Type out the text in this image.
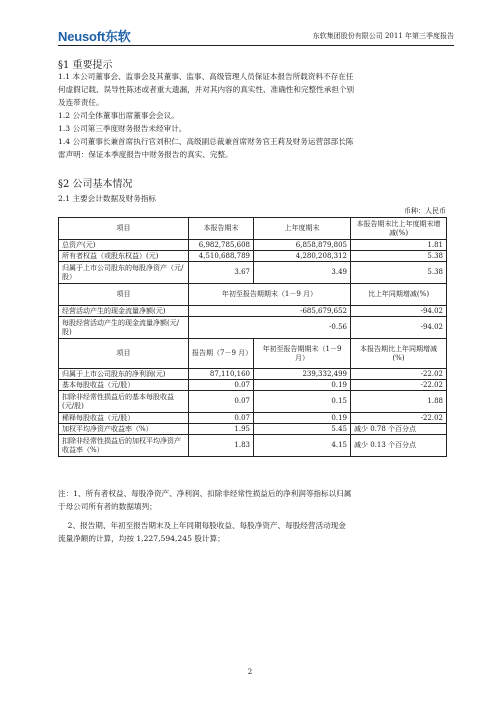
Neusoft东软	东软集团股份有限公司 2011 年第三季度报告
§1 重要提示
1.1 本公司董事会、监事会及其董事、监事、高级管理人员保证本报告所载资料不存在任
何虚假记载、误导性陈述或者重大遗漏，并对其内容的真实性、准确性和完整性承担个别
及连带责任。
1.2 公司全体董事出席董事会会议。
1.3 公司第三季度财务报告未经审计。
1.4 公司董事长兼首席执行官刘积仁、高级副总裁兼首席财务官王莉及财务运营部部长陈
雷声明：保证本季度报告中财务报告的真实、完整。
§2 公司基本情况
2.1 主要会计数据及财务指标
币种：人民币
项目	本报告期末	上年度期末	本报告期末比上年度期末增减(%)
总资产(元)	6,982,785,608	6,858,879,805	1.81
所有者权益（或股东权益）(元)	4,510,688,789	4,280,208,312	5.38
归属于上市公司股东的每股净资产（元/股）	3.67	3.49	5.38
项目	年初至报告期期末（1－9 月）		比上年同期增减(%)
经营活动产生的现金流量净额(元)	-685,679,652		-94.02
每股经营活动产生的现金流量净额(元/股)	-0.56		-94.02
项目	报告期（7－9 月）	年初至报告期期末（1－9 月）	本报告期比上年同期增减(%)
归属于上市公司股东的净利润(元)	87,110,160	239,332,499	-22.02
基本每股收益（元/股）	0.07	0.19	-22.02
扣除非经常性损益后的基本每股收益(元/股)	0.07	0.15	1.88
稀释每股收益（元/股）	0.07	0.19	-22.02
加权平均净资产收益率（%）	1.95	5.45	减少 0.78 个百分点
扣除非经常性损益后的加权平均净资产收益率（%）	1.83	4.15	减少 0.13 个百分点
注：1、所有者权益、每股净资产、净利润、扣除非经常性损益后的净利润等指标以归属
于母公司所有者的数据填列；
2、报告期、年初至报告期末及上年同期每股收益、每股净资产、每股经营活动现金
流量净额的计算，均按 1,227,594,245 股计算；
2
